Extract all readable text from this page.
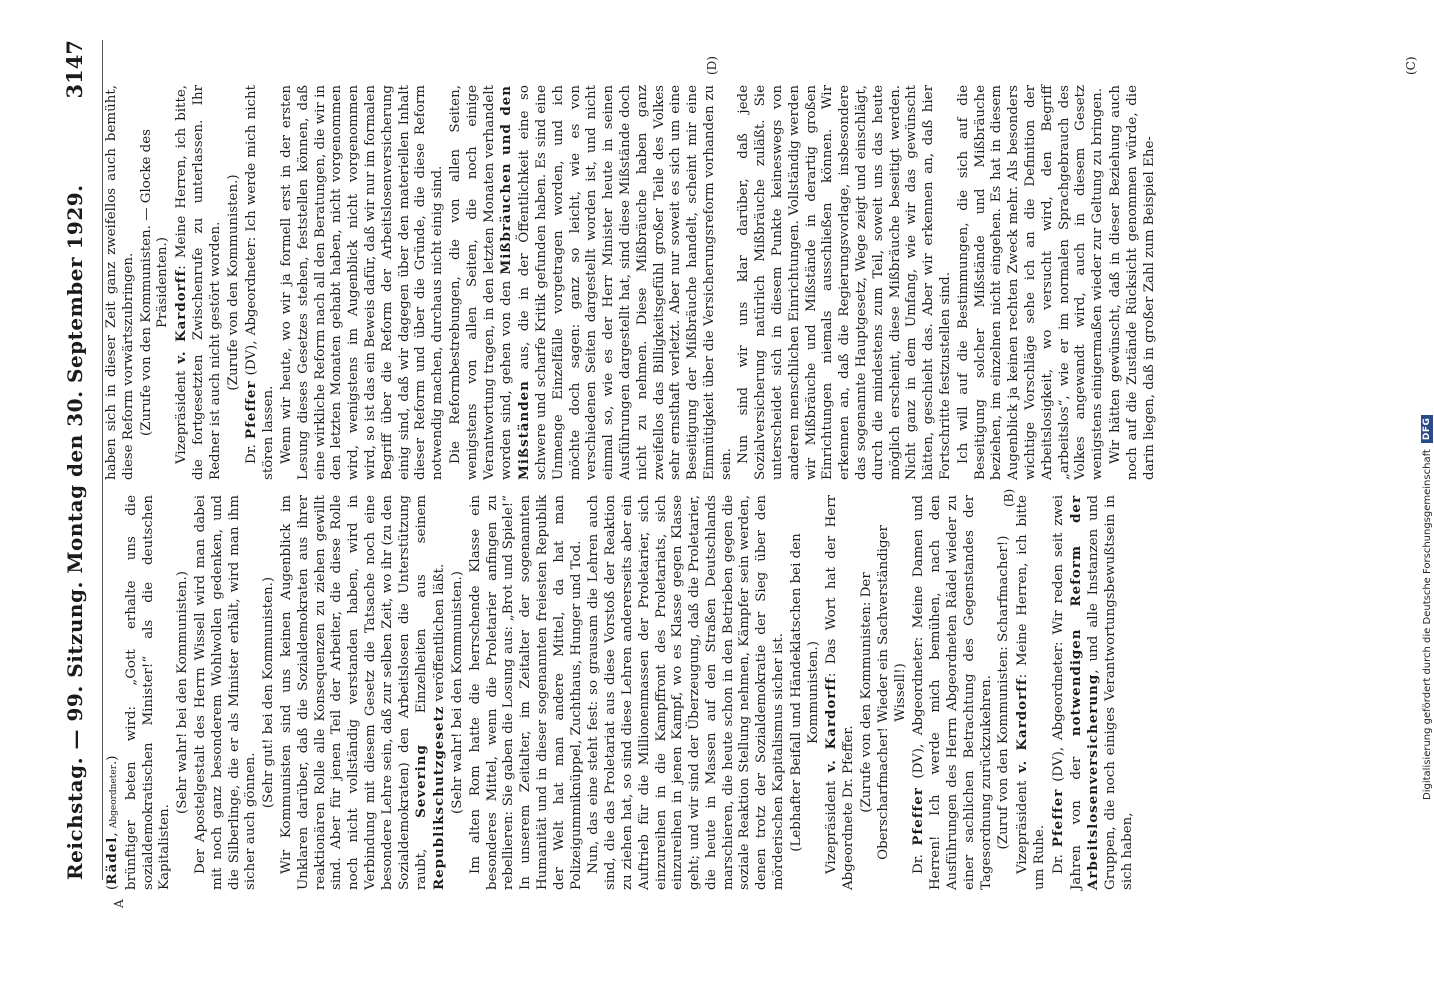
Reichstag. — 99. Sitzung. Montag den 30. September 1929.
3147
A
(B)
(C)

(Rädel, Abgeordneter.) brünftiger beten wird: „Gott erhalte uns die sozialdemokratischen Minister!“ als die deutschen Kapitalisten.

(Sehr wahr! bei den Kommunisten.) Der Apostelgestalt des Herrn Wissell wird man dabei mit noch ganz besonderem Wohlwollen gedenken, und die Silberlinge, die er als Minister erhält, wird man ihm sicher auch gönnen.

(Sehr gut! bei den Kommunisten.) Wir Kommunisten sind uns keinen Augenblick im Unklaren darüber, daß die Sozialdemokraten aus ihrer reaktionären Rolle alle Konsequenzen zu ziehen gewillt sind. Aber für jenen Teil der Arbeiter, die diese Rolle noch nicht vollständig verstanden haben, wird in Verbindung mit diesem Gesetz die Tatsache noch eine besondere Lehre sein, daß zur selben Zeit, wo ihr (zu den Sozialdemokraten) den Arbeitslosen die Unterstützung raubt, Severing Einzelheiten aus seinem Republikschutzgesetz veröffentlichen läßt. (Sehr wahr! bei den Kommunisten.) Im alten Rom hatte die herrschende Klasse ein besonderes Mittel, wenn die Proletarier anfingen zu rebellieren: Sie gaben die Losung aus: „Brot und Spiele!“ In unserem Zeitalter, im Zeitalter der sogenannten Humanität und in dieser sogenannten freiesten Republik der Welt hat man andere Mittel, da hat man Polizeigummiknüppel, Zuchthaus, Hunger und Tod. Nun, das eine steht fest: so grausam die Lehren auch sind, die das Proletariat aus diese Vorstoß der Reaktion zu ziehen hat, so sind diese Lehren andererseits aber ein Auftrieb für die Millionenmassen der Proletarier, sich einzureihen in die Kampffront des Proletariats, sich einzureihen in jenen Kampf, wo es Klasse gegen Klasse geht; und wir sind der Überzeugung, daß die Proletarier, die heute in Massen auf den Straßen Deutschlands marschieren, die heute schon in den Betrieben gegen die soziale Reaktion Stellung nehmen, Kämpfer sein werden, denen trotz der Sozialdemokratie der Sieg über den mörderischen Kapitalismus sicher ist. (Lebhafter Beifall und Händeklatschen bei den Kommunisten.)

Vizepräsident v. Kardorff: Das Wort hat der Herr Abgeordnete Dr. Pfeffer. (Zurufe von den Kommunisten: Der Oberscharfmacher! Wieder ein Sachverständiger Wissell!)

Dr. Pfeffer (DV), Abgeordneter: Meine Damen und Herren! Ich werde mich bemühen, nach den Ausführungen des Herrn Abgeordneten Rädel wieder zu einer sachlichen Betrachtung des Gegenstandes der Tagesordnung zurückzukehren. (Zuruf von den Kommunisten: Scharfmacher!) Vizepräsident v. Kardorff: Meine Herren, ich bitte um Ruhe. Dr. Pfeffer (DV), Abgeordneter: Wir reden seit zwei Jahren von der notwendigen Reform der Arbeitslosenversicherung, und alle Instanzen und Gruppen, die noch einiges Verantwortungsbewußtsein in sich haben,

haben sich in dieser Zeit ganz zweifellos auch bemüht, diese Reform vorwärtszubringen. (Zurufe von den Kommunisten. — Glocke des Präsidenten.)

Vizepräsident v. Kardorff: Meine Herren, ich bitte, die fortgesetzten Zwischenrufe zu unterlassen. Ihr Redner ist auch nicht gestört worden. (Zurufe von den Kommunisten.)

Dr. Pfeffer (DV), Abgeordneter: Ich werde mich nicht stören lassen. Wenn wir heute, wo wir ja formell erst in der ersten Lesung dieses Gesetzes stehen, feststellen können, daß eine wirkliche Reform nach all den Beratungen, die wir in den letzten Monaten gehabt haben, nicht vorgenommen wird, wenigstens im Augenblick nicht vorgenommen wird, so ist das ein Beweis dafür, daß wir nur im formalen Begriff über die Reform der Arbeitslosenversicherung einig sind, daß wir dagegen über den materiellen Inhalt dieser Reform und über die Gründe, die diese Reform notwendig machen, durchaus nicht einig sind. Die Reformbestrebungen, die von allen Seiten, wenigstens von allen Seiten, die noch einige Verantwortung tragen, in den letzten Monaten verhandelt worden sind, gehen von den Mißbräuchen und den Mißständen aus, die in der Öffentlichkeit eine so schwere und scharfe Kritik gefunden haben. Es sind eine Unmenge Einzelfälle vorgetragen worden, und ich möchte doch sagen: ganz so leicht, wie es von verschiedenen Seiten dargestellt worden ist, und nicht einmal so, wie es der Herr Minister heute in seinen Ausführungen dargestellt hat, sind diese Mißstände doch nicht zu nehmen. Diese Mißbräuche haben ganz zweifellos das Billigkeitsgefühl großer Teile des Volkes sehr ernsthaft verletzt. Aber nur soweit es sich um eine Beseitigung der Mißbräuche handelt, scheint mir eine Einmütigkeit über die Versicherungsreform vorhanden zu sein.

Nun sind wir uns klar darüber, daß jede Sozialversicherung natürlich Mißbräuche zuläßt. Sie unterscheidet sich in diesem Punkte keineswegs von anderen menschlichen Einrichtungen. Vollständig werden wir Mißbräuche und Mißstände in derartig großen Einrichtungen niemals ausschließen können. Wir erkennen an, daß die Regierungsvorlage, insbesondere das sogenannte Hauptgesetz, Wege zeigt und einschlägt, durch die mindestens zum Teil, soweit uns das heute möglich erscheint, diese Mißbräuche beseitigt werden. Nicht ganz in dem Umfang, wie wir das gewünscht hätten, geschieht das. Aber wir erkennen an, daß hier Fortschritte festzustellen sind. Ich will auf die Bestimmungen, die sich auf die Beseitigung solcher Mißstände und Mißbräuche beziehen, im einzelnen nicht eingehen. Es hat in diesem Augenblick ja keinen rechten Zweck mehr. Als besonders wichtige Vorschläge sehe ich an die Definition der Arbeitslosigkeit, wo versucht wird, den Begriff „arbeitslos“, wie er im normalen Sprachgebrauch des Volkes angewandt wird, auch in diesem Gesetz wenigstens einigermaßen wieder zur Geltung zu bringen. Wir hätten gewünscht, daß in dieser Beziehung auch noch auf die Zustände Rücksicht genommen würde, die darin liegen, daß in großer Zahl zum Beispiel Ehe-

(D)
Digitalisierung gefördert durch die Deutsche Forschungsgemeinschaft
DFG
